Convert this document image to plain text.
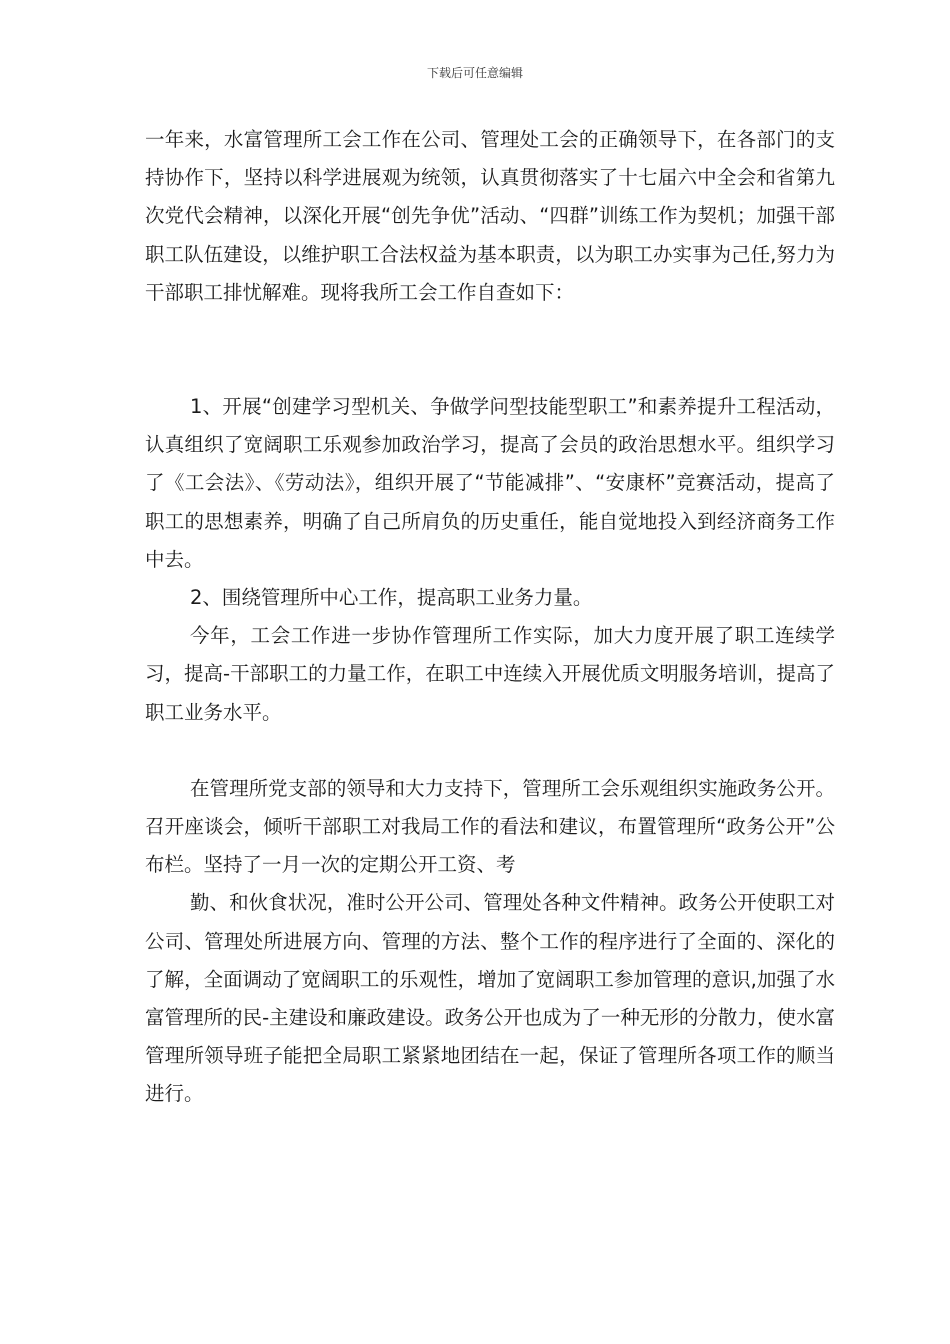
下载后可任意编辑

一年来，水富管理所工会工作在公司、管理处工会的正确领导下，在各部门的支持协作下，坚持以科学进展观为统领，认真贯彻落实了十七届六中全会和省第九次党代会精神，以深化开展“创先争优”活动、“四群”训练工作为契机；加强干部职工队伍建设，以维护职工合法权益为基本职责，以为职工办实事为己任,努力为干部职工排忧解难。现将我所工会工作自查如下：

1、开展“创建学习型机关、争做学问型技能型职工”和素养提升工程活动，认真组织了宽阔职工乐观参加政治学习，提高了会员的政治思想水平。组织学习了《工会法》、《劳动法》，组织开展了“节能减排”、“安康杯”竞赛活动，提高了职工的思想素养，明确了自己所肩负的历史重任，能自觉地投入到经济商务工作中去。

2、围绕管理所中心工作，提高职工业务力量。

今年，工会工作进一步协作管理所工作实际，加大力度开展了职工连续学习，提高-干部职工的力量工作，在职工中连续入开展优质文明服务培训，提高了职工业务水平。

在管理所党支部的领导和大力支持下，管理所工会乐观组织实施政务公开。召开座谈会，倾听干部职工对我局工作的看法和建议，布置管理所“政务公开”公布栏。坚持了一月一次的定期公开工资、考

勤、和伙食状况，准时公开公司、管理处各种文件精神。政务公开使职工对公司、管理处所进展方向、管理的方法、整个工作的程序进行了全面的、深化的了解，全面调动了宽阔职工的乐观性，增加了宽阔职工参加管理的意识,加强了水富管理所的民-主建设和廉政建设。政务公开也成为了一种无形的分散力，使水富管理所领导班子能把全局职工紧紧地团结在一起，保证了管理所各项工作的顺当进行。
